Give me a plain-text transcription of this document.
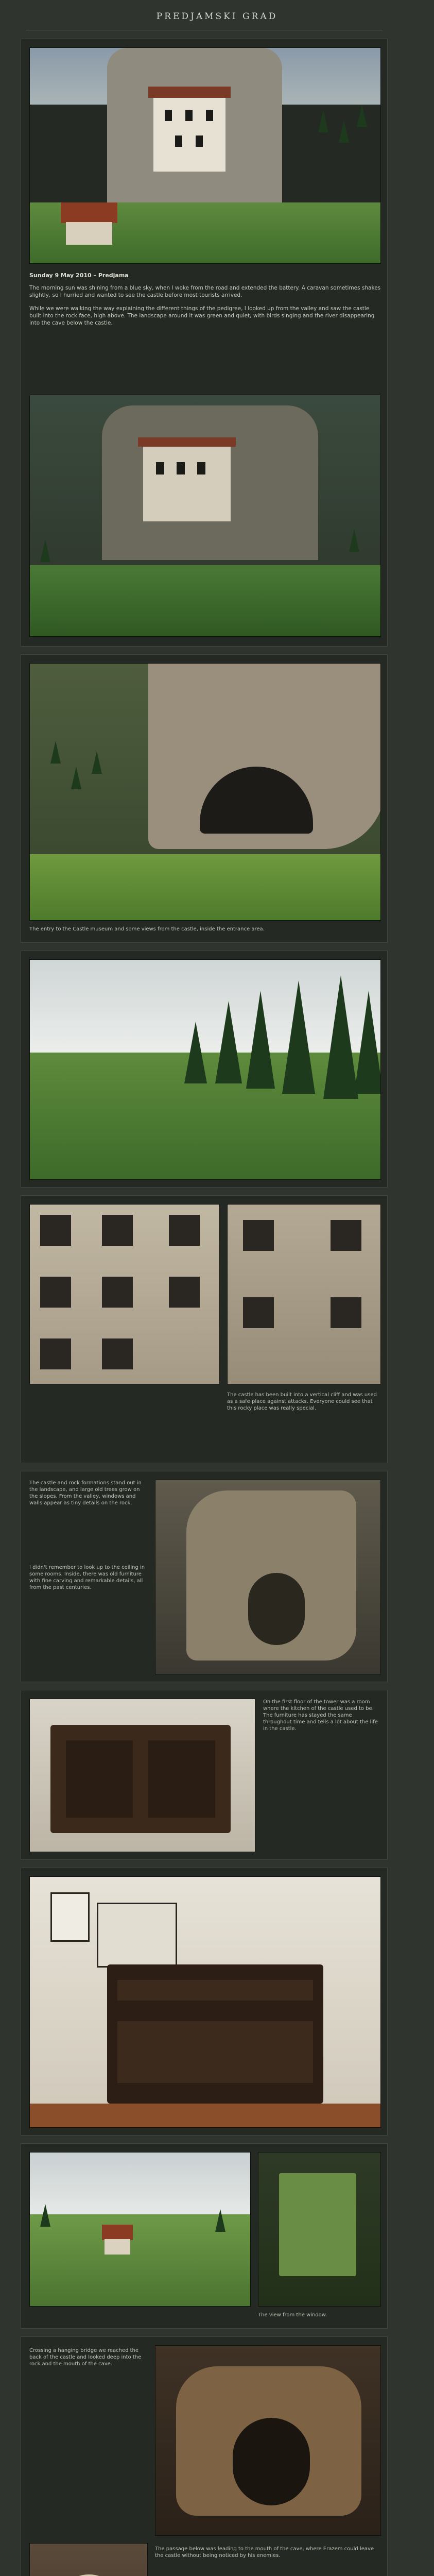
PREDJAMSKI GRAD
Sunday 9 May 2010 – Predjama

The morning sun was shining from a blue sky, when I woke from the road and extended the battery. A caravan sometimes shakes slightly, so I hurried and wanted to see the castle before most tourists arrived.

While we were walking the way explaining the different things of the pedigree, I looked up from the valley and saw the castle built into the rock face, high above. The landscape around it was green and quiet, with birds singing and the river disappearing into the cave below the castle.

The entry to the Castle museum and some views from the castle, inside the entrance area.
The castle has been built into a vertical cliff and was used as a safe place against attacks. Everyone could see that this rocky place was really special.
The castle and rock formations stand out in the landscape, and large old trees grow on the slopes. From the valley, windows and walls appear as tiny details on the rock.
I didn't remember to look up to the ceiling in some rooms. Inside, there was old furniture with fine carving and remarkable details, all from the past centuries.
On the first floor of the tower was a room where the kitchen of the castle used to be. The furniture has stayed the same throughout time and tells a lot about the life in the castle.
The view from the window.
Crossing a hanging bridge we reached the back of the castle and looked deep into the rock and the mouth of the cave.
The passage below was leading to the mouth of the cave, where Erazem could leave the castle without being noticed by his enemies.
